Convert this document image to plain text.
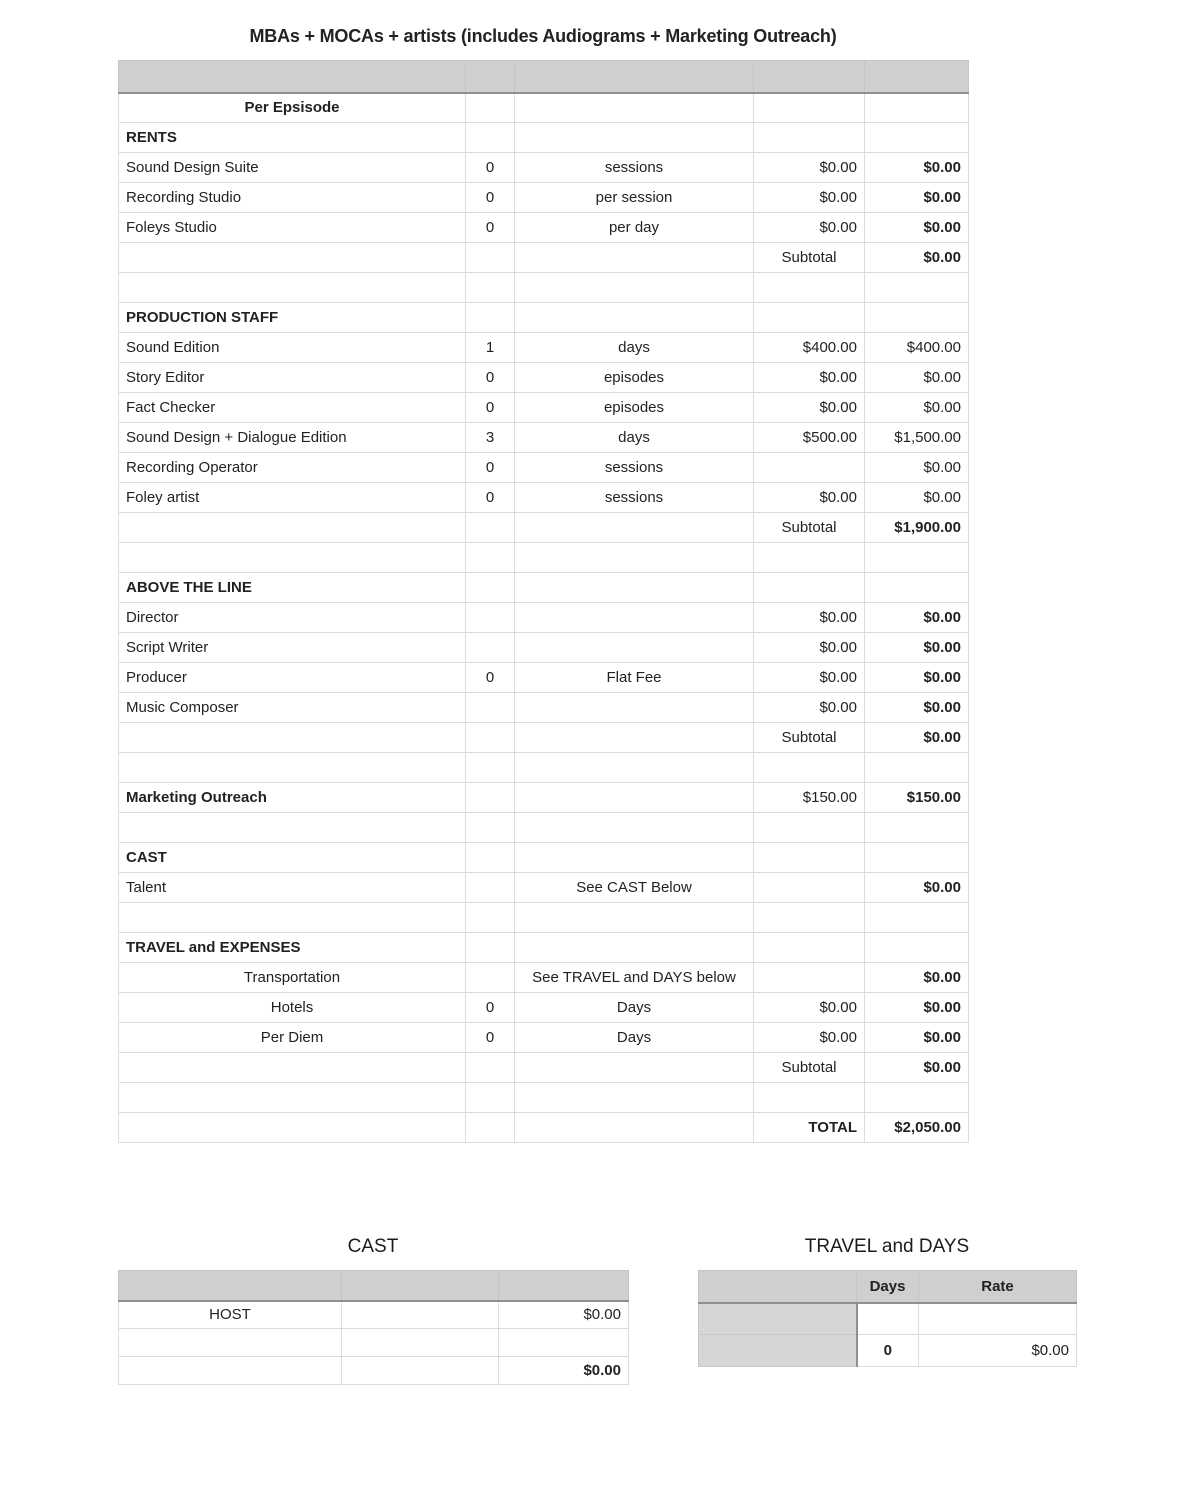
MBAs + MOCAs + artists (includes Audiograms + Marketing Outreach)

Per Epsisode				
RENTS				
Sound Design Suite	0	sessions	$0.00	$0.00
Recording Studio	0	per session	$0.00	$0.00
Foleys Studio	0	per day	$0.00	$0.00
			Subtotal	$0.00

PRODUCTION STAFF				
Sound Edition	1	days	$400.00	$400.00
Story Editor	0	episodes	$0.00	$0.00
Fact Checker	0	episodes	$0.00	$0.00
Sound Design + Dialogue Edition	3	days	$500.00	$1,500.00
Recording Operator	0	sessions		$0.00
Foley artist	0	sessions	$0.00	$0.00
			Subtotal	$1,900.00

ABOVE THE LINE				
Director			$0.00	$0.00
Script Writer			$0.00	$0.00
Producer	0	Flat Fee	$0.00	$0.00
Music Composer			$0.00	$0.00
			Subtotal	$0.00

Marketing Outreach			$150.00	$150.00

CAST				
Talent		See CAST Below		$0.00

TRAVEL and EXPENSES				
Transportation		See TRAVEL and DAYS below		$0.00
Hotels	0	Days	$0.00	$0.00
Per Diem	0	Days	$0.00	$0.00
			Subtotal	$0.00

			TOTAL	$2,050.00
CAST

HOST		$0.00

		$0.00
TRAVEL and DAYS
	Days	Rate

	0	$0.00
